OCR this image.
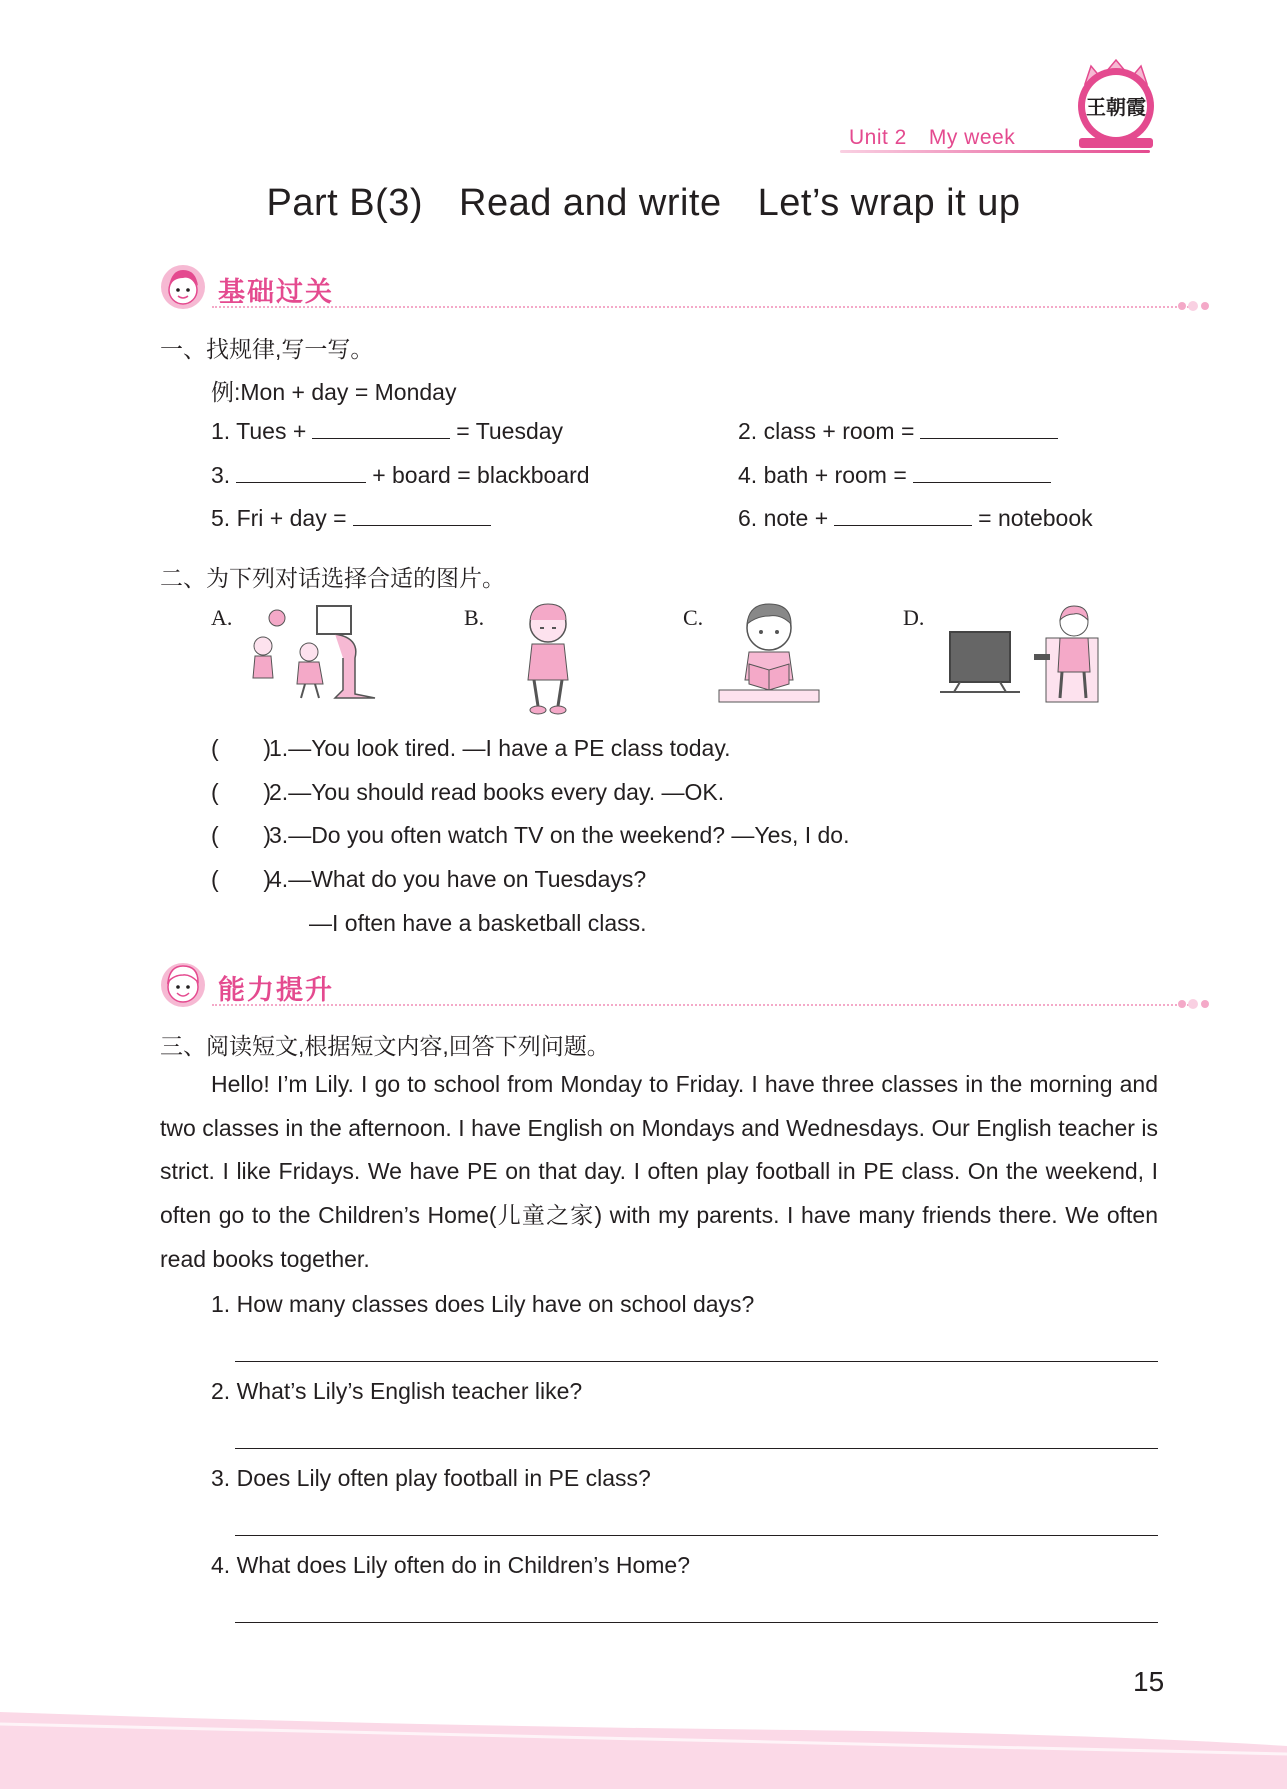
Unit 2 My week
王朝霞
Part B(3) Read and write Let’s wrap it up
基础过关
一、找规律,写一写。
例:Mon + day = Monday
1. Tues +	= Tuesday	2. class + room =
3.	+ board = blackboard	4. bath + room =
5. Fri + day =	6. note +	= notebook
二、为下列对话选择合适的图片。
A.	B.	C.	D.
(       )1.—You look tired. —I have a PE class today.
(       )2.—You should read books every day. —OK.
(       )3.—Do you often watch TV on the weekend? —Yes, I do.
(       )4.—What do you have on Tuesdays?
—I often have a basketball class.
能力提升
三、阅读短文,根据短文内容,回答下列问题。

Hello! I’m Lily. I go to school from Monday to Friday. I have three classes in the morning and two classes in the afternoon. I have English on Mondays and Wednesdays. Our English teacher is strict. I like Fridays. We have PE on that day. I often play football in PE class. On the weekend, I often go to the Children’s Home(儿童之家) with my parents. I have many friends there. We often read books together.

1. How many classes does Lily have on school days?
2. What’s Lily’s English teacher like?
3. Does Lily often play football in PE class?
4. What does Lily often do in Children’s Home?
15
